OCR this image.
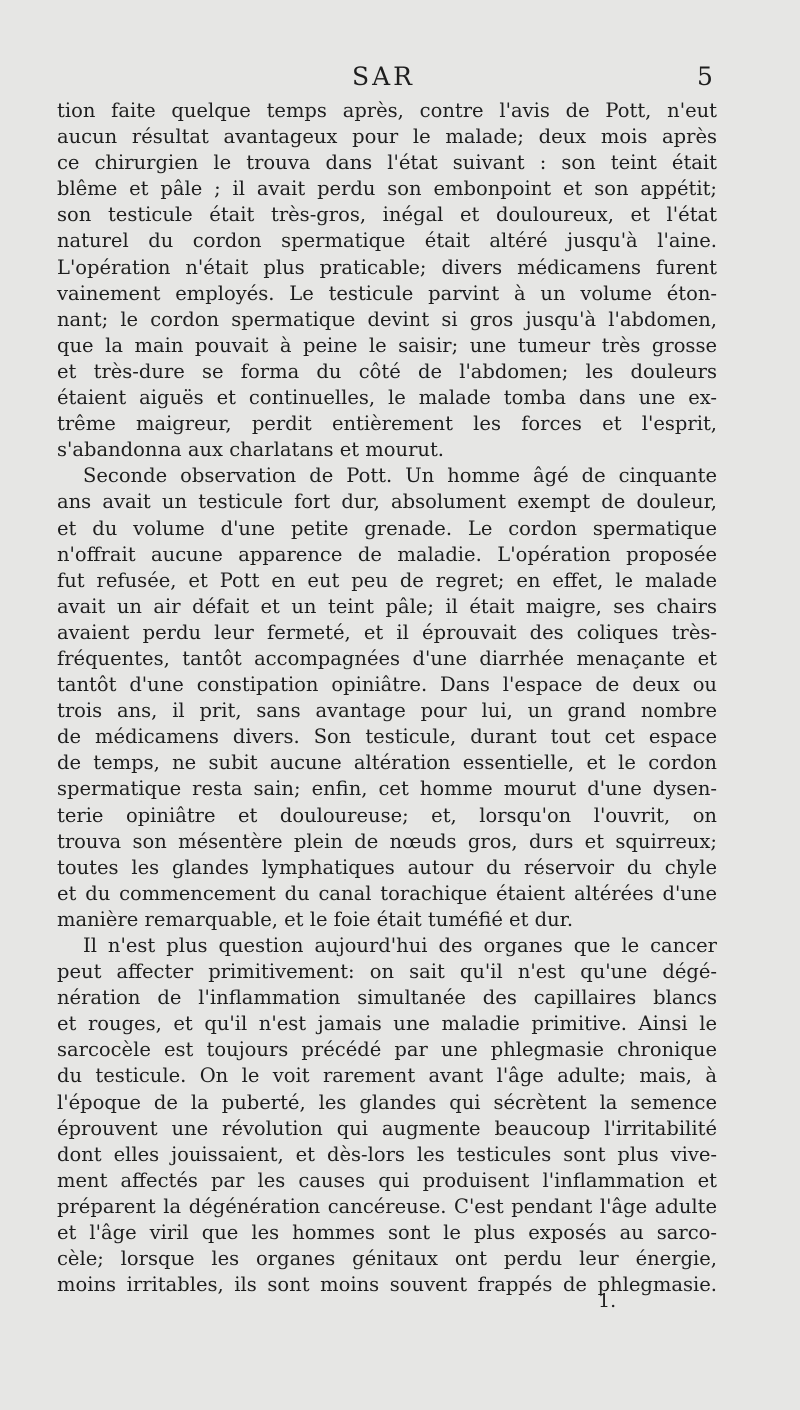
SAR	5
tion faite quelque temps après, contre l'avis de Pott, n'eut
aucun résultat avantageux pour le malade; deux mois après
ce chirurgien le trouva dans l'état suivant : son teint était
blême et pâle ; il avait perdu son embonpoint et son appétit;
son testicule était très-gros, inégal et douloureux, et l'état
naturel du cordon spermatique était altéré jusqu'à l'aine.
L'opération n'était plus praticable; divers médicamens furent
vainement employés. Le testicule parvint à un volume éton-
nant; le cordon spermatique devint si gros jusqu'à l'abdomen,
que la main pouvait à peine le saisir; une tumeur très grosse
et très-dure se forma du côté de l'abdomen; les douleurs
étaient aiguës et continuelles, le malade tomba dans une ex-
trême maigreur, perdit entièrement les forces et l'esprit,
s'abandonna aux charlatans et mourut.
Seconde observation de Pott. Un homme âgé de cinquante
ans avait un testicule fort dur, absolument exempt de douleur,
et du volume d'une petite grenade. Le cordon spermatique
n'offrait aucune apparence de maladie. L'opération proposée
fut refusée, et Pott en eut peu de regret; en effet, le malade
avait un air défait et un teint pâle; il était maigre, ses chairs
avaient perdu leur fermeté, et il éprouvait des coliques très-
fréquentes, tantôt accompagnées d'une diarrhée menaçante et
tantôt d'une constipation opiniâtre. Dans l'espace de deux ou
trois ans, il prit, sans avantage pour lui, un grand nombre
de médicamens divers. Son testicule, durant tout cet espace
de temps, ne subit aucune altération essentielle, et le cordon
spermatique resta sain; enfin, cet homme mourut d'une dysen-
terie opiniâtre et douloureuse; et, lorsqu'on l'ouvrit, on
trouva son mésentère plein de nœuds gros, durs et squirreux;
toutes les glandes lymphatiques autour du réservoir du chyle
et du commencement du canal torachique étaient altérées d'une
manière remarquable, et le foie était tuméfié et dur.
Il n'est plus question aujourd'hui des organes que le cancer
peut affecter primitivement: on sait qu'il n'est qu'une dégé-
nération de l'inflammation simultanée des capillaires blancs
et rouges, et qu'il n'est jamais une maladie primitive. Ainsi le
sarcocèle est toujours précédé par une phlegmasie chronique
du testicule. On le voit rarement avant l'âge adulte; mais, à
l'époque de la puberté, les glandes qui sécrètent la semence
éprouvent une révolution qui augmente beaucoup l'irritabilité
dont elles jouissaient, et dès-lors les testicules sont plus vive-
ment affectés par les causes qui produisent l'inflammation et
préparent la dégénération cancéreuse. C'est pendant l'âge adulte
et l'âge viril que les hommes sont le plus exposés au sarco-
cèle; lorsque les organes génitaux ont perdu leur énergie,
moins irritables, ils sont moins souvent frappés de phlegmasie.
1.
